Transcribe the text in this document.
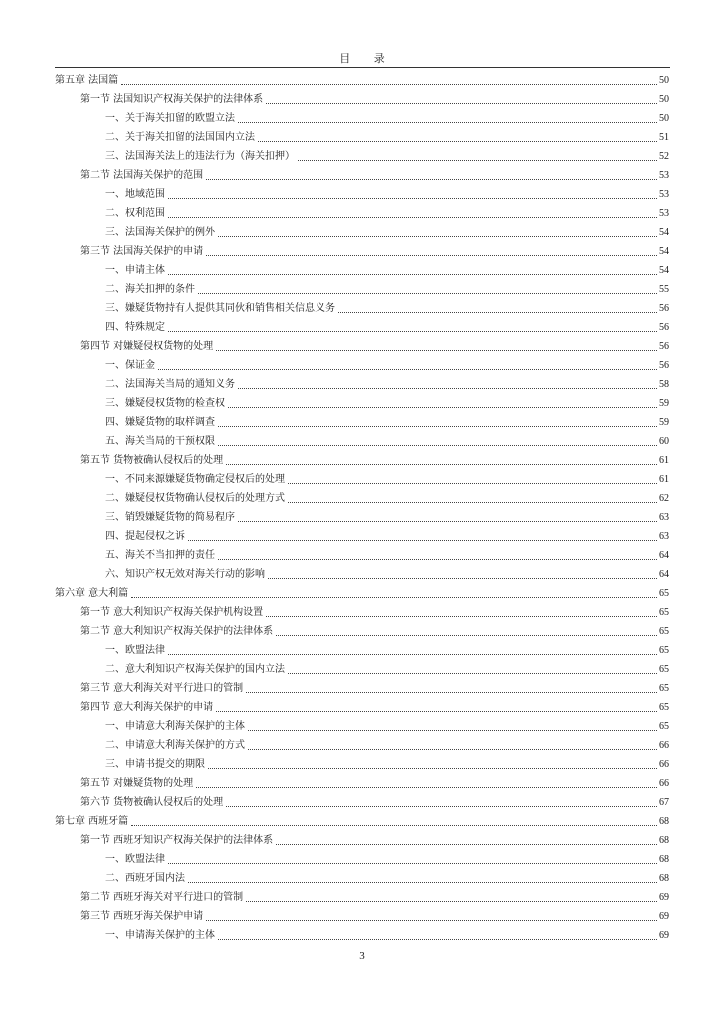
目 录
第五章 法国篇	50
第一节 法国知识产权海关保护的法律体系	50
一、关于海关扣留的欧盟立法	50
二、关于海关扣留的法国国内立法	51
三、法国海关法上的违法行为（海关扣押）	52
第二节 法国海关保护的范围	53
一、地域范围	53
二、权利范围	53
三、法国海关保护的例外	54
第三节 法国海关保护的申请	54
一、申请主体	54
二、海关扣押的条件	55
三、嫌疑货物持有人提供其同伙和销售相关信息义务	56
四、特殊规定	56
第四节 对嫌疑侵权货物的处理	56
一、保证金	56
二、法国海关当局的通知义务	58
三、嫌疑侵权货物的检查权	59
四、嫌疑货物的取样调查	59
五、海关当局的干预权限	60
第五节 货物被确认侵权后的处理	61
一、不同来源嫌疑货物确定侵权后的处理	61
二、嫌疑侵权货物确认侵权后的处理方式	62
三、销毁嫌疑货物的简易程序	63
四、提起侵权之诉	63
五、海关不当扣押的责任	64
六、知识产权无效对海关行动的影响	64
第六章 意大利篇	65
第一节 意大利知识产权海关保护机构设置	65
第二节 意大利知识产权海关保护的法律体系	65
一、欧盟法律	65
二、意大利知识产权海关保护的国内立法	65
第三节 意大利海关对平行进口的管制	65
第四节 意大利海关保护的申请	65
一、申请意大利海关保护的主体	65
二、申请意大利海关保护的方式	66
三、申请书提交的期限	66
第五节 对嫌疑货物的处理	66
第六节 货物被确认侵权后的处理	67
第七章 西班牙篇	68
第一节 西班牙知识产权海关保护的法律体系	68
一、欧盟法律	68
二、西班牙国内法	68
第二节 西班牙海关对平行进口的管制	69
第三节 西班牙海关保护申请	69
一、申请海关保护的主体	69
3
